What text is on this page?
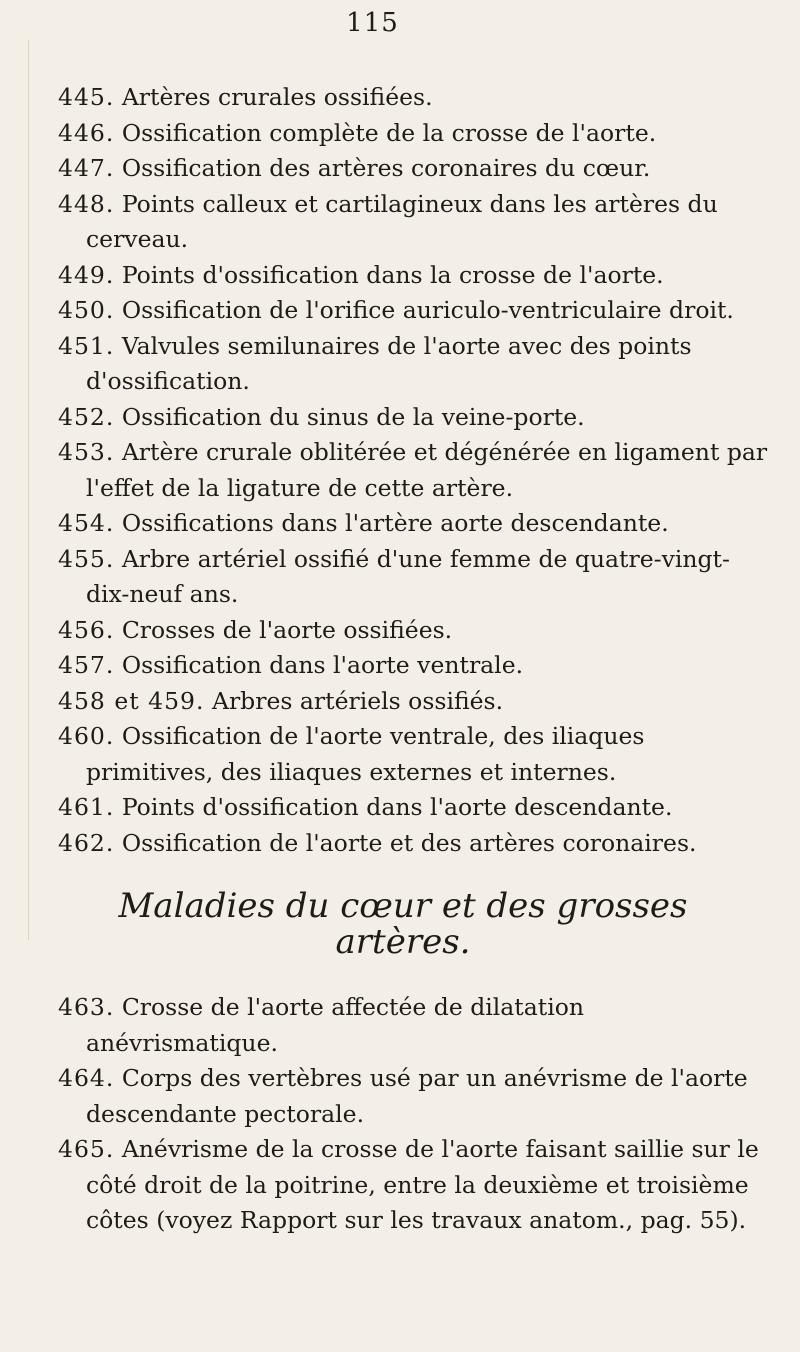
115

445. Artères crurales ossifiées.

446. Ossification complète de la crosse de l'aorte.

447. Ossification des artères coronaires du cœur.

448. Points calleux et cartilagineux dans les artères du cerveau.

449. Points d'ossification dans la crosse de l'aorte.

450. Ossification de l'orifice auriculo-ventriculaire droit.

451. Valvules semilunaires de l'aorte avec des points d'ossification.

452. Ossification du sinus de la veine-porte.

453. Artère crurale oblitérée et dégénérée en ligament par l'effet de la ligature de cette artère.

454. Ossifications dans l'artère aorte descendante.

455. Arbre artériel ossifié d'une femme de quatre-vingt-dix-neuf ans.

456. Crosses de l'aorte ossifiées.

457. Ossification dans l'aorte ventrale.

458 et 459. Arbres artériels ossifiés.

460. Ossification de l'aorte ventrale, des iliaques primitives, des iliaques externes et internes.

461. Points d'ossification dans l'aorte descendante.

462. Ossification de l'aorte et des artères coronaires.

Maladies du cœur et des grosses artères.

463. Crosse de l'aorte affectée de dilatation anévrismatique.

464. Corps des vertèbres usé par un anévrisme de l'aorte descendante pectorale.

465. Anévrisme de la crosse de l'aorte faisant saillie sur le côté droit de la poitrine, entre la deuxième et troisième côtes (voyez Rapport sur les travaux anatom., pag. 55).
